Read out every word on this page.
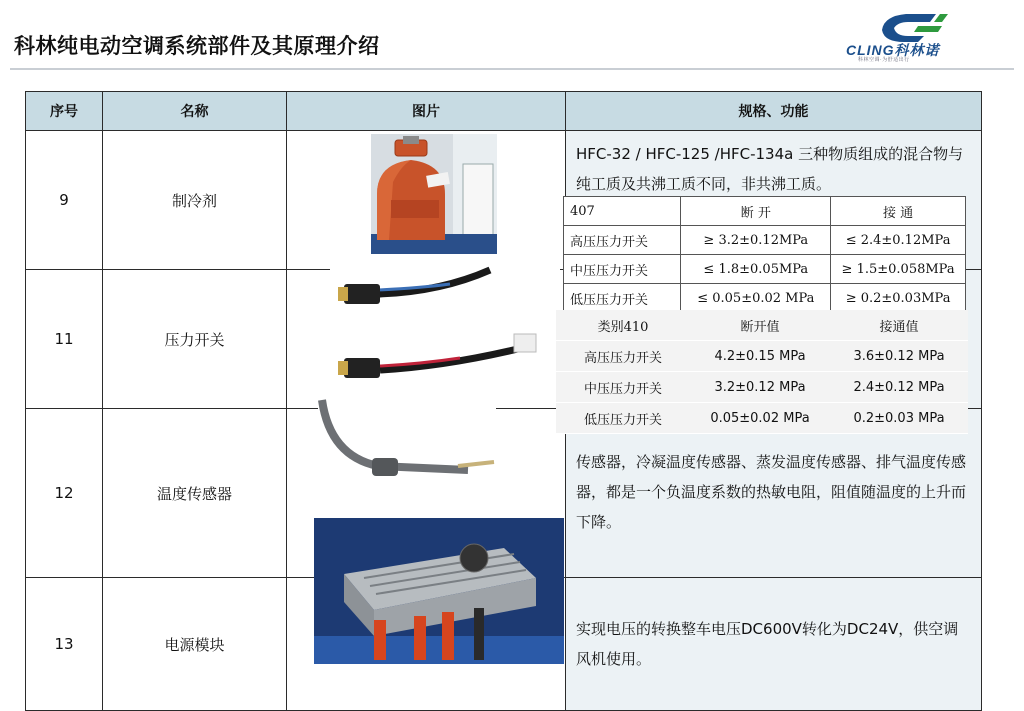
科林纯电动空调系统部件及其原理介绍	CLING科林诺
科林空调·为舒适出行
序号	名称	图片	规格、功能
9	制冷剂		HFC-32 / HFC-125 /HFC-134a 三种物质组成的混合物与纯工质及共沸工质不同，非共沸工质。
11	压力开关		
12	温度传感器		传感器，冷凝温度传感器、蒸发温度传感器、排气温度传感器，都是一个负温度系数的热敏电阻，阻值随温度的上升而下降。
13	电源模块		实现电压的转换整车电压DC600V转化为DC24V，供空调风机使用。
407	断 开	接 通
高压压力开关	≥ 3.2±0.12MPa	≤ 2.4±0.12MPa
中压压力开关	≤ 1.8±0.05MPa	≥ 1.5±0.058MPa
低压压力开关	≤ 0.05±0.02 MPa	≥ 0.2±0.03MPa
类别410	断开值	接通值
高压压力开关	4.2±0.15 MPa	3.6±0.12 MPa
中压压力开关	3.2±0.12 MPa	2.4±0.12 MPa
低压压力开关	0.05±0.02 MPa	0.2±0.03 MPa
